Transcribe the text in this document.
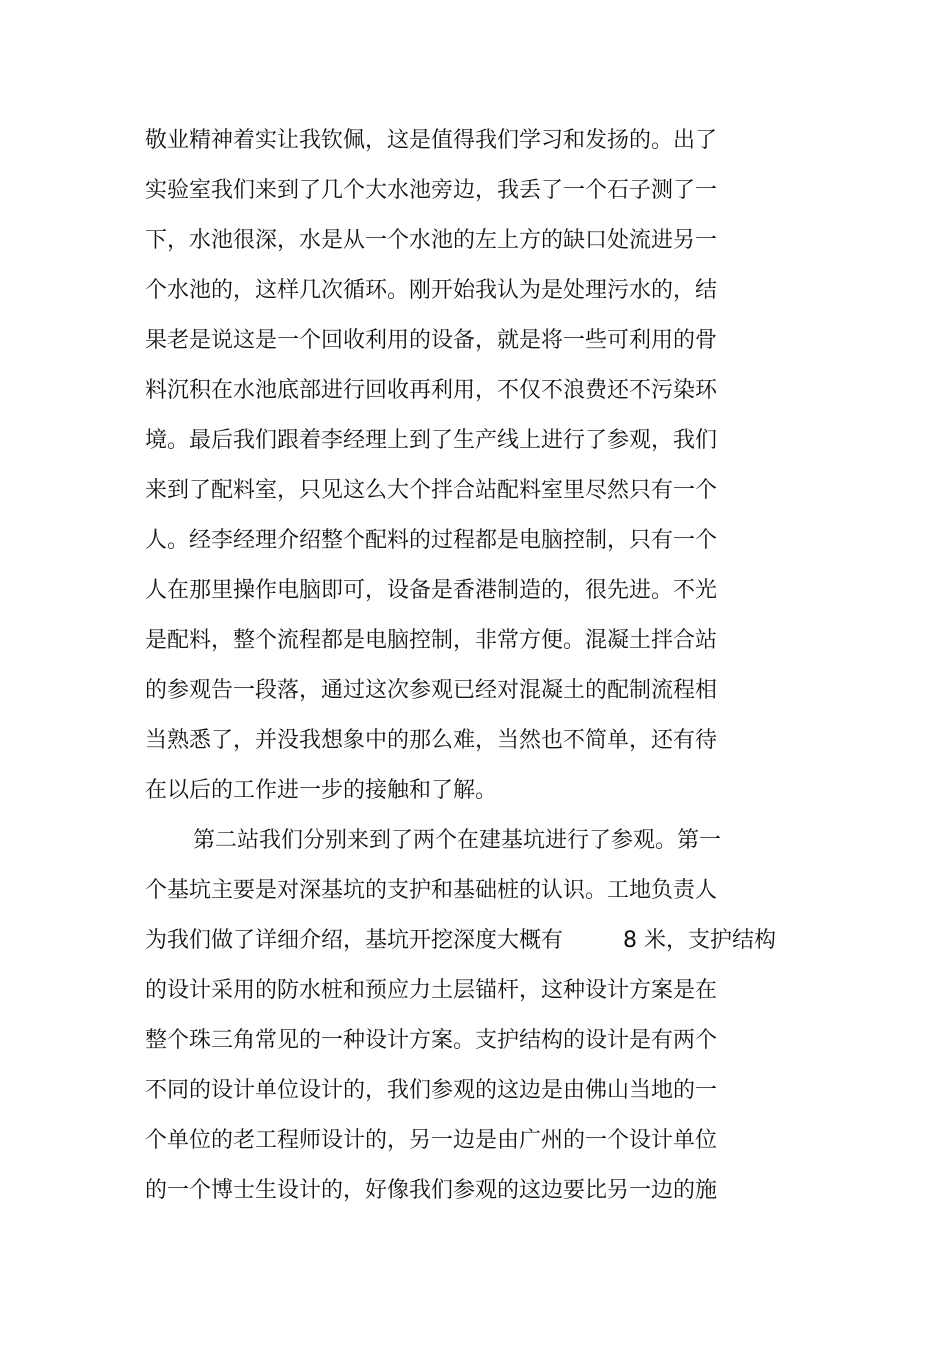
敬业精神着实让我钦佩，这是值得我们学习和发扬的。出了
实验室我们来到了几个大水池旁边，我丢了一个石子测了一
下，水池很深，水是从一个水池的左上方的缺口处流进另一
个水池的，这样几次循环。刚开始我认为是处理污水的，结
果老是说这是一个回收利用的设备，就是将一些可利用的骨
料沉积在水池底部进行回收再利用，不仅不浪费还不污染环
境。最后我们跟着李经理上到了生产线上进行了参观，我们
来到了配料室，只见这么大个拌合站配料室里尽然只有一个
人。经李经理介绍整个配料的过程都是电脑控制，只有一个
人在那里操作电脑即可，设备是香港制造的，很先进。不光
是配料，整个流程都是电脑控制，非常方便。混凝土拌合站
的参观告一段落，通过这次参观已经对混凝土的配制流程相
当熟悉了，并没我想象中的那么难，当然也不简单，还有待
在以后的工作进一步的接触和了解。
第二站我们分别来到了两个在建基坑进行了参观。第一
个基坑主要是对深基坑的支护和基础桩的认识。工地负责人
为我们做了详细介绍，基坑开挖深度大概有	8 米，支护结构
的设计采用的防水桩和预应力土层锚杆，这种设计方案是在
整个珠三角常见的一种设计方案。支护结构的设计是有两个
不同的设计单位设计的，我们参观的这边是由佛山当地的一
个单位的老工程师设计的，另一边是由广州的一个设计单位
的一个博士生设计的，好像我们参观的这边要比另一边的施
